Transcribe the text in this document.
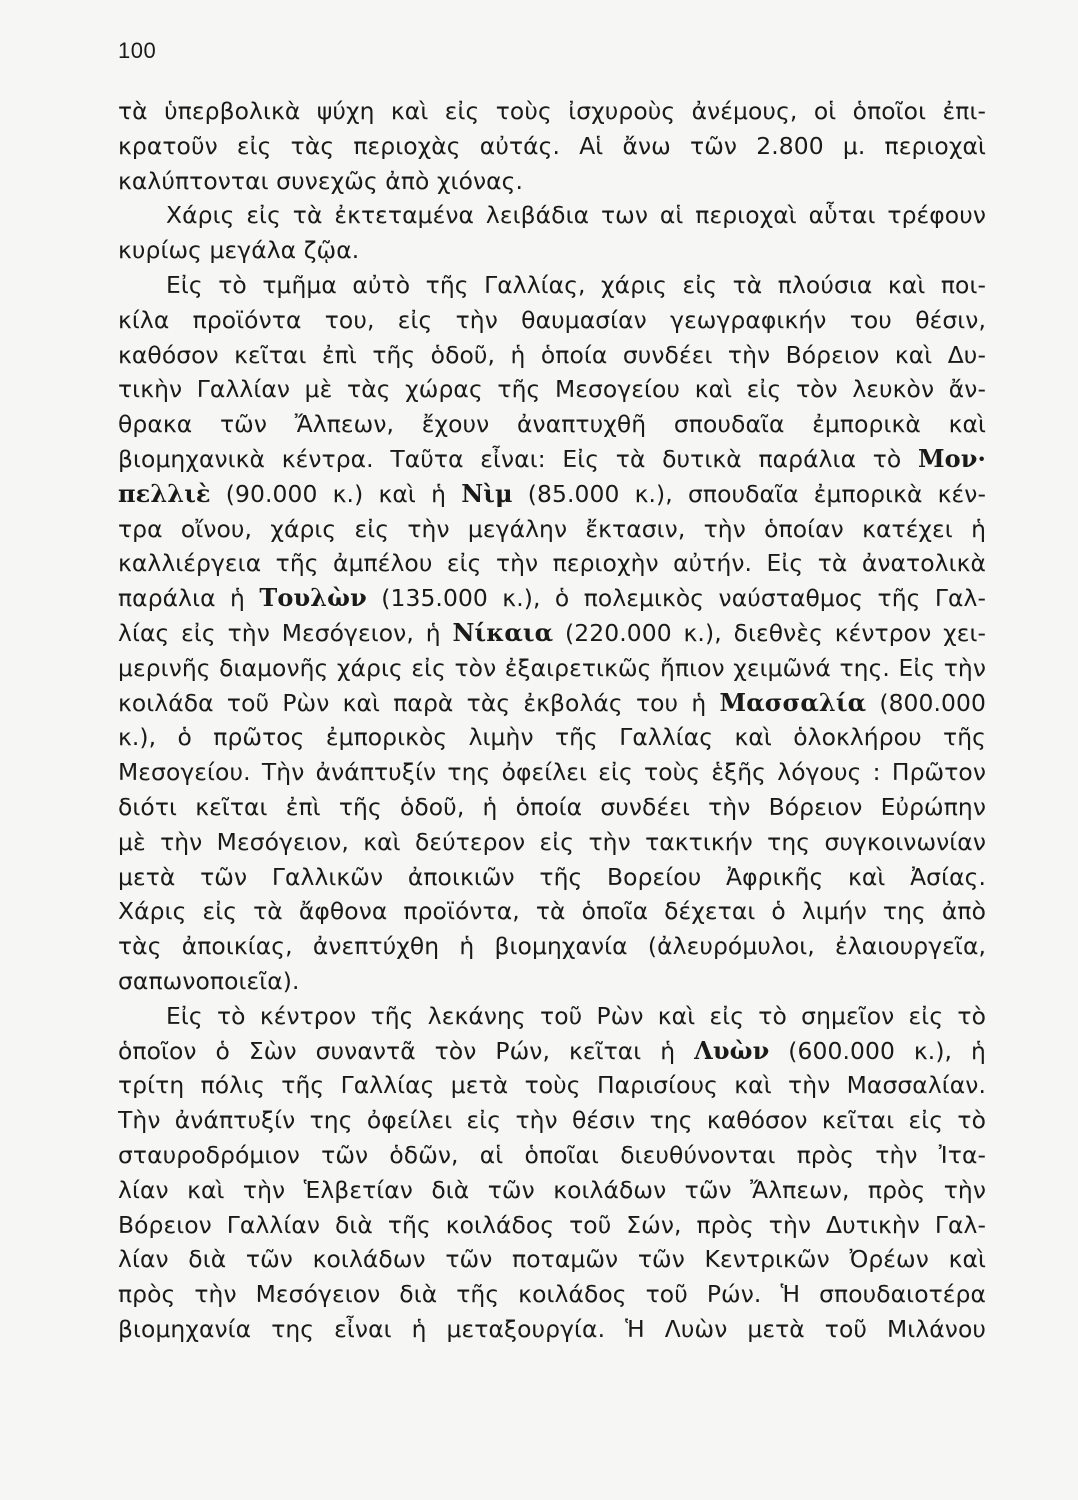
100
τὰ ὑπερβολικὰ ψύχη καὶ εἰς τοὺς ἰσχυροὺς ἀνέμους, οἱ ὁποῖοι ἐπι-
κρατοῦν εἰς τὰς περιοχὰς αὐτάς. Αἱ ἄνω τῶν 2.800 μ. περιοχαὶ
καλύπτονται συνεχῶς ἀπὸ χιόνας.
Χάρις εἰς τὰ ἐκτεταμένα λειβάδια των αἱ περιοχαὶ αὗται τρέφουν
κυρίως μεγάλα ζῷα.
Εἰς τὸ τμῆμα αὐτὸ τῆς Γαλλίας, χάρις εἰς τὰ πλούσια καὶ ποι-
κίλα προϊόντα του, εἰς τὴν θαυμασίαν γεωγραφικήν του θέσιν,
καθόσον κεῖται ἐπὶ τῆς ὁδοῦ, ἡ ὁποία συνδέει τὴν Βόρειον καὶ Δυ-
τικὴν Γαλλίαν μὲ τὰς χώρας τῆς Μεσογείου καὶ εἰς τὸν λευκὸν ἄν-
θρακα τῶν Ἄλπεων, ἔχουν ἀναπτυχθῆ σπουδαῖα ἐμπορικὰ καὶ
βιομηχανικὰ κέντρα. Ταῦτα εἶναι: Εἰς τὰ δυτικὰ παράλια τὸ Μον·
πελλιὲ (90.000 κ.) καὶ ἡ Νὶμ (85.000 κ.), σπουδαῖα ἐμπορικὰ κέν-
τρα οἴνου, χάρις εἰς τὴν μεγάλην ἔκτασιν, τὴν ὁποίαν κατέχει ἡ
καλλιέργεια τῆς ἀμπέλου εἰς τὴν περιοχὴν αὐτήν. Εἰς τὰ ἀνατολικὰ
παράλια ἡ Τουλὼν (135.000 κ.), ὁ πολεμικὸς ναύσταθμος τῆς Γαλ-
λίας εἰς τὴν Μεσόγειον, ἡ Νίκαια (220.000 κ.), διεθνὲς κέντρον χει-
μερινῆς διαμονῆς χάρις εἰς τὸν ἐξαιρετικῶς ἤπιον χειμῶνά της. Εἰς τὴν
κοιλάδα τοῦ Ρὼν καὶ παρὰ τὰς ἐκβολάς του ἡ Μασσαλία (800.000
κ.), ὁ πρῶτος ἐμπορικὸς λιμὴν τῆς Γαλλίας καὶ ὁλοκλήρου τῆς
Μεσογείου. Τὴν ἀνάπτυξίν της ὀφείλει εἰς τοὺς ἑξῆς λόγους : Πρῶτον
διότι κεῖται ἐπὶ τῆς ὁδοῦ, ἡ ὁποία συνδέει τὴν Βόρειον Εὐρώπην
μὲ τὴν Μεσόγειον, καὶ δεύτερον εἰς τὴν τακτικήν της συγκοινωνίαν
μετὰ τῶν Γαλλικῶν ἀποικιῶν τῆς Βορείου Ἀφρικῆς καὶ Ἀσίας.
Χάρις εἰς τὰ ἄφθονα προϊόντα, τὰ ὁποῖα δέχεται ὁ λιμήν της ἀπὸ
τὰς ἀποικίας, ἀνεπτύχθη ἡ βιομηχανία (ἀλευρόμυλοι, ἐλαιουργεῖα,
σαπωνοποιεῖα).
Εἰς τὸ κέντρον τῆς λεκάνης τοῦ Ρὼν καὶ εἰς τὸ σημεῖον εἰς τὸ
ὁποῖον ὁ Σὼν συναντᾶ τὸν Ρών, κεῖται ἡ Λυὼν (600.000 κ.), ἡ
τρίτη πόλις τῆς Γαλλίας μετὰ τοὺς Παρισίους καὶ τὴν Μασσαλίαν.
Τὴν ἀνάπτυξίν της ὀφείλει εἰς τὴν θέσιν της καθόσον κεῖται εἰς τὸ
σταυροδρόμιον τῶν ὁδῶν, αἱ ὁποῖαι διευθύνονται πρὸς τὴν Ἰτα-
λίαν καὶ τὴν Ἑλβετίαν διὰ τῶν κοιλάδων τῶν Ἄλπεων, πρὸς τὴν
Βόρειον Γαλλίαν διὰ τῆς κοιλάδος τοῦ Σών, πρὸς τὴν Δυτικὴν Γαλ-
λίαν διὰ τῶν κοιλάδων τῶν ποταμῶν τῶν Κεντρικῶν Ὀρέων καὶ
πρὸς τὴν Μεσόγειον διὰ τῆς κοιλάδος τοῦ Ρών. Ἡ σπουδαιοτέρα
βιομηχανία της εἶναι ἡ μεταξουργία. Ἡ Λυὼν μετὰ τοῦ Μιλάνου
